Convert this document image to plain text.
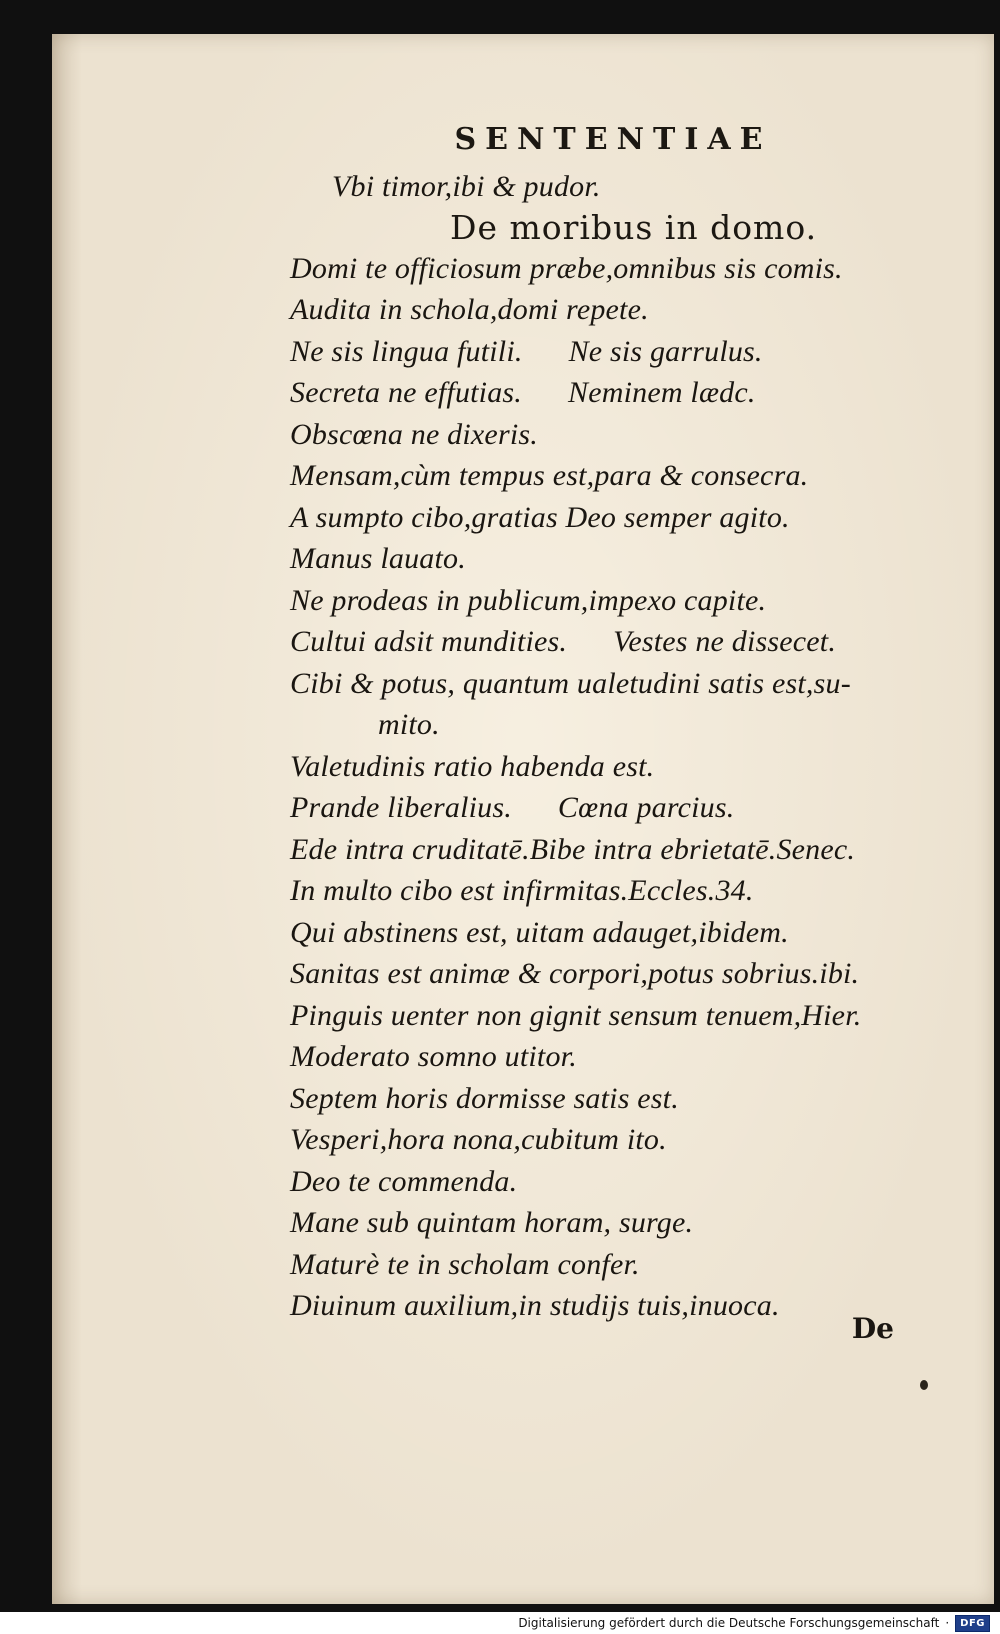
SENTENTIAE
Vbi timor,ibi & pudor.
De moribus in domo.
Domi te officiosum præbe,omnibus sis comis.
Audita in schola,domi repete.
Ne sis lingua futili. Ne sis garrulus.
Secreta ne effutias. Neminem lædc.
Obscœna ne dixeris.
Mensam,cùm tempus est,para & consecra.
A sumpto cibo,gratias Deo semper agito.
Manus lauato.
Ne prodeas in publicum,impexo capite.
Cultui adsit mundities. Vestes ne dissecet.
Cibi & potus, quantum ualetudini satis est,su-
mito.
Valetudinis ratio habenda est.
Prande liberalius. Cœna parcius.
Ede intra cruditatē.Bibe intra ebrietatē.Senec.
In multo cibo est infirmitas.Eccles.34.
Qui abstinens est, uitam adauget,ibidem.
Sanitas est animæ & corpori,potus sobrius.ibi.
Pinguis uenter non gignit sensum tenuem,Hier.
Moderato somno utitor.
Septem horis dormisse satis est.
Vesperi,hora nona,cubitum ito.
Deo te commenda.
Mane sub quintam horam, surge.
Maturè te in scholam confer.
Diuinum auxilium,in studijs tuis,inuoca.
De
Digitalisierung gefördert durch die Deutsche Forschungsgemeinschaft ·	DFG
